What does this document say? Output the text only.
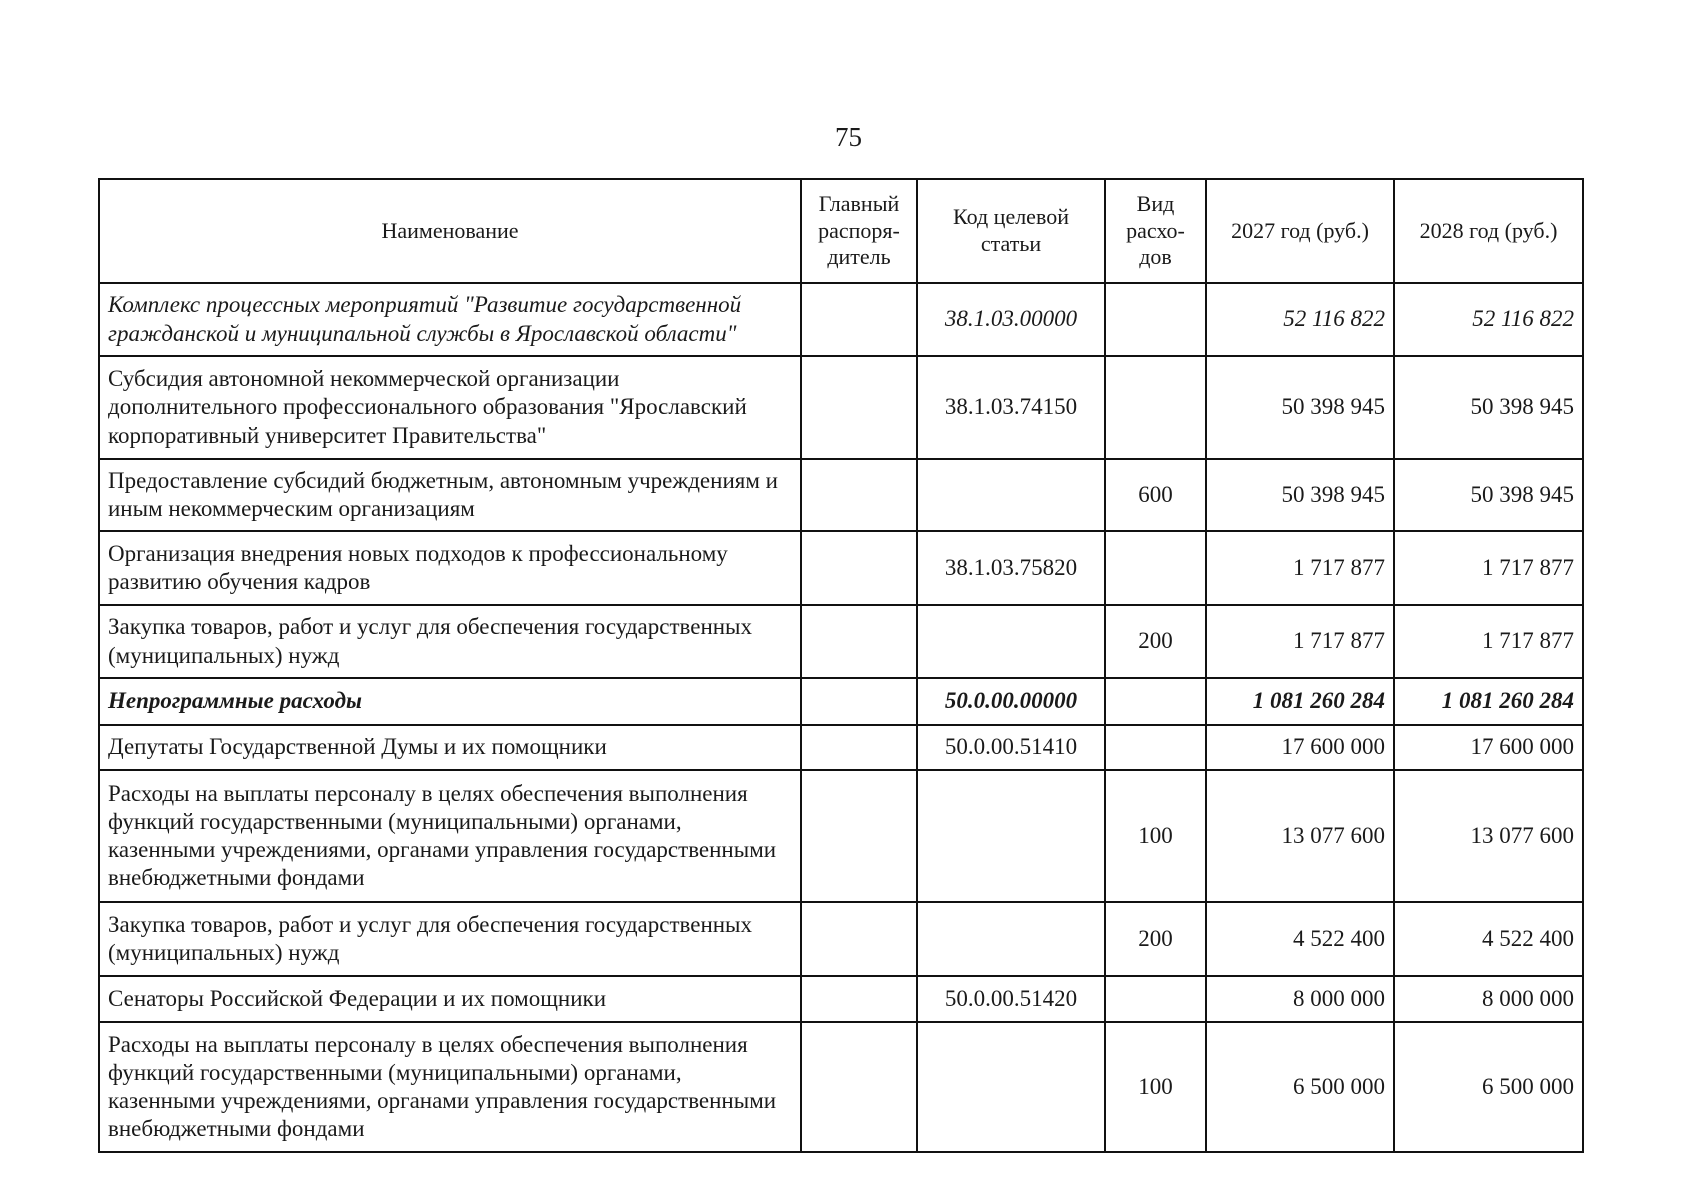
75
Наименование	Главный распоря-дитель	Код целевой статьи	Вид расхо-дов	2027 год (руб.)	2028 год (руб.)
Комплекс процессных мероприятий "Развитие государственной гражданской и муниципальной службы в Ярославской области"		38.1.03.00000		52 116 822	52 116 822
Субсидия автономной некоммерческой организации дополнительного профессионального образования "Ярославский корпоративный университет Правительства"		38.1.03.74150		50 398 945	50 398 945
Предоставление субсидий бюджетным, автономным учреждениям и иным некоммерческим организациям			600	50 398 945	50 398 945
Организация внедрения новых подходов к профессиональному развитию обучения кадров		38.1.03.75820		1 717 877	1 717 877
Закупка товаров, работ и услуг для обеспечения государственных (муниципальных) нужд			200	1 717 877	1 717 877
Непрограммные расходы		50.0.00.00000		1 081 260 284	1 081 260 284
Депутаты Государственной Думы и их помощники		50.0.00.51410		17 600 000	17 600 000
Расходы на выплаты персоналу в целях обеспечения выполнения функций государственными (муниципальными) органами, казенными учреждениями, органами управления государственными внебюджетными фондами			100	13 077 600	13 077 600
Закупка товаров, работ и услуг для обеспечения государственных (муниципальных) нужд			200	4 522 400	4 522 400
Сенаторы Российской Федерации и их помощники		50.0.00.51420		8 000 000	8 000 000
Расходы на выплаты персоналу в целях обеспечения выполнения функций государственными (муниципальными) органами, казенными учреждениями, органами управления государственными внебюджетными фондами			100	6 500 000	6 500 000
